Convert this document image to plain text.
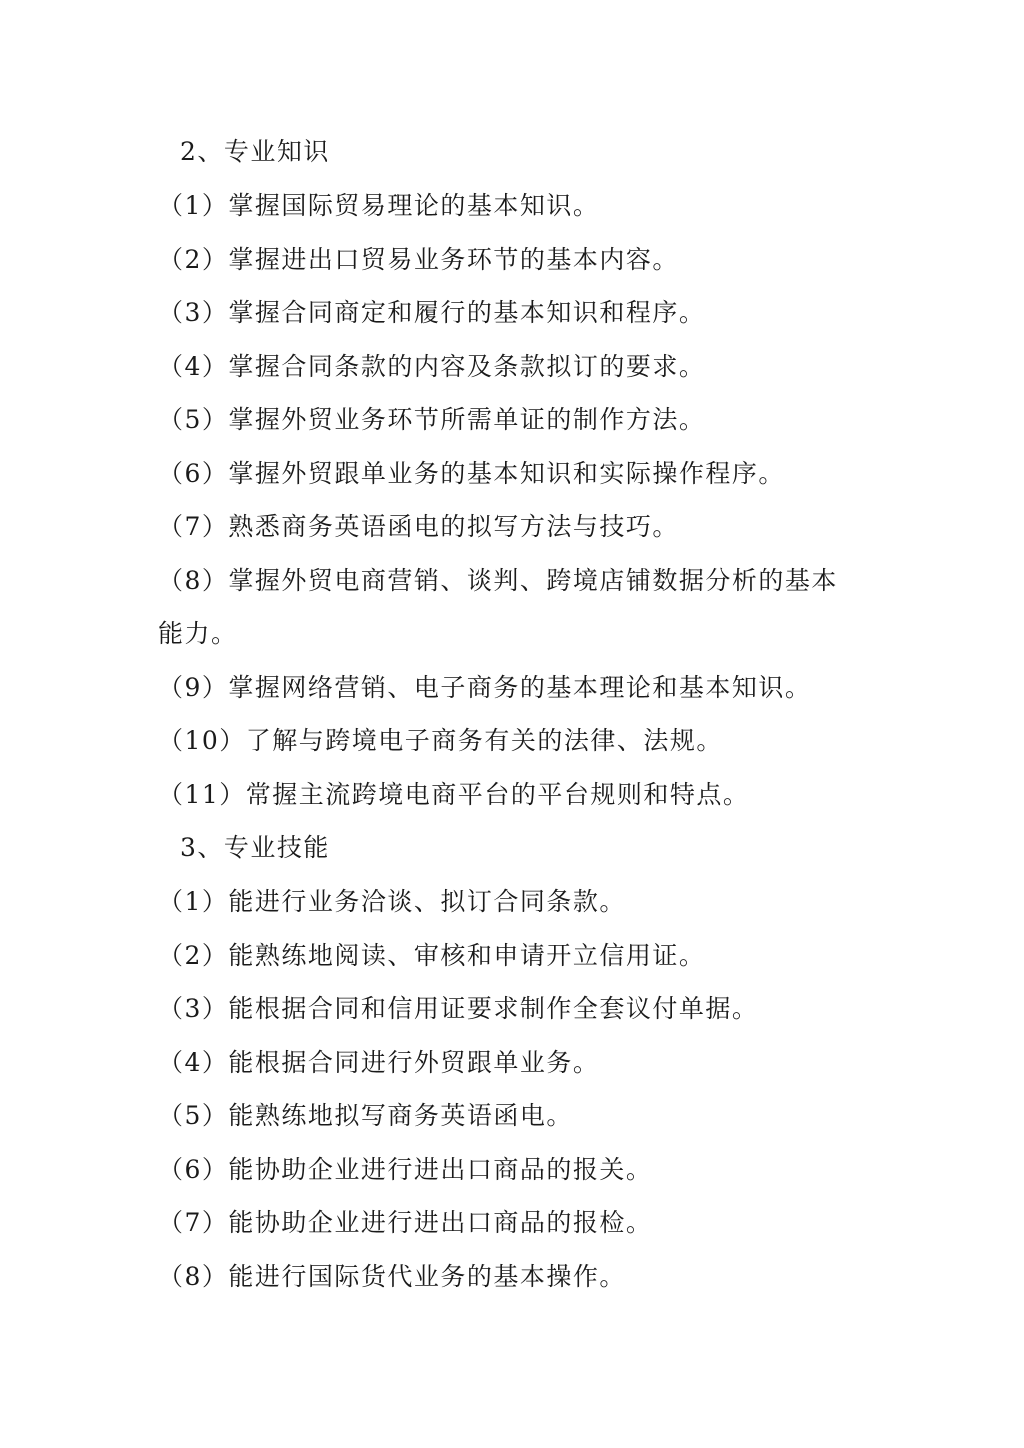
2、专业知识
（1）掌握国际贸易理论的基本知识。
（2）掌握进出口贸易业务环节的基本内容。
（3）掌握合同商定和履行的基本知识和程序。
（4）掌握合同条款的内容及条款拟订的要求。
（5）掌握外贸业务环节所需单证的制作方法。
（6）掌握外贸跟单业务的基本知识和实际操作程序。
（7）熟悉商务英语函电的拟写方法与技巧。
（8）掌握外贸电商营销、谈判、跨境店铺数据分析的基本
能力。
（9）掌握网络营销、电子商务的基本理论和基本知识。
（10）了解与跨境电子商务有关的法律、法规。
（11）常握主流跨境电商平台的平台规则和特点。
3、专业技能
（1）能进行业务洽谈、拟订合同条款。
（2）能熟练地阅读、审核和申请开立信用证。
（3）能根据合同和信用证要求制作全套议付单据。
（4）能根据合同进行外贸跟单业务。
（5）能熟练地拟写商务英语函电。
（6）能协助企业进行进出口商品的报关。
（7）能协助企业进行进出口商品的报检。
（8）能进行国际货代业务的基本操作。
